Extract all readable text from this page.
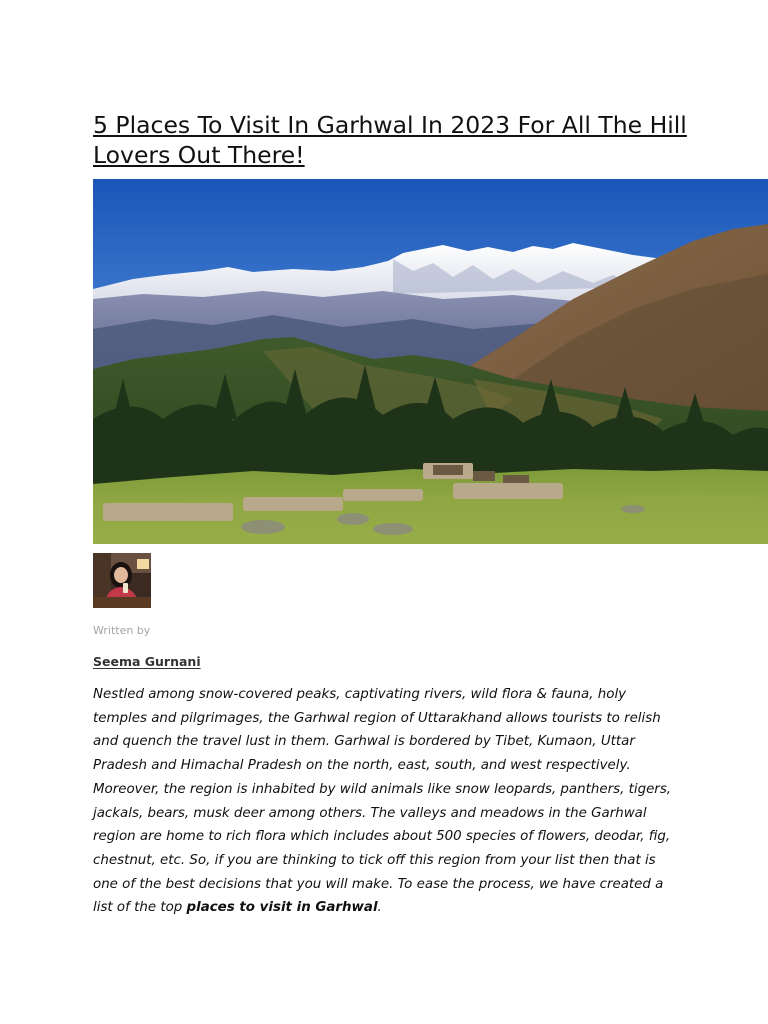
5 Places To Visit In Garhwal In 2023 For All The Hill Lovers Out There!
Written by
Seema Gurnani

Nestled among snow-covered peaks, captivating rivers, wild flora & fauna, holy temples and pilgrimages, the Garhwal region of Uttarakhand allows tourists to relish and quench the travel lust in them. Garhwal is bordered by Tibet, Kumaon, Uttar Pradesh and Himachal Pradesh on the north, east, south, and west respectively. Moreover, the region is inhabited by wild animals like snow leopards, panthers, tigers, jackals, bears, musk deer among others. The valleys and meadows in the Garhwal region are home to rich flora which includes about 500 species of flowers, deodar, fig, chestnut, etc. So, if you are thinking to tick off this region from your list then that is one of the best decisions that you will make. To ease the process, we have created a list of the top places to visit in Garhwal.
